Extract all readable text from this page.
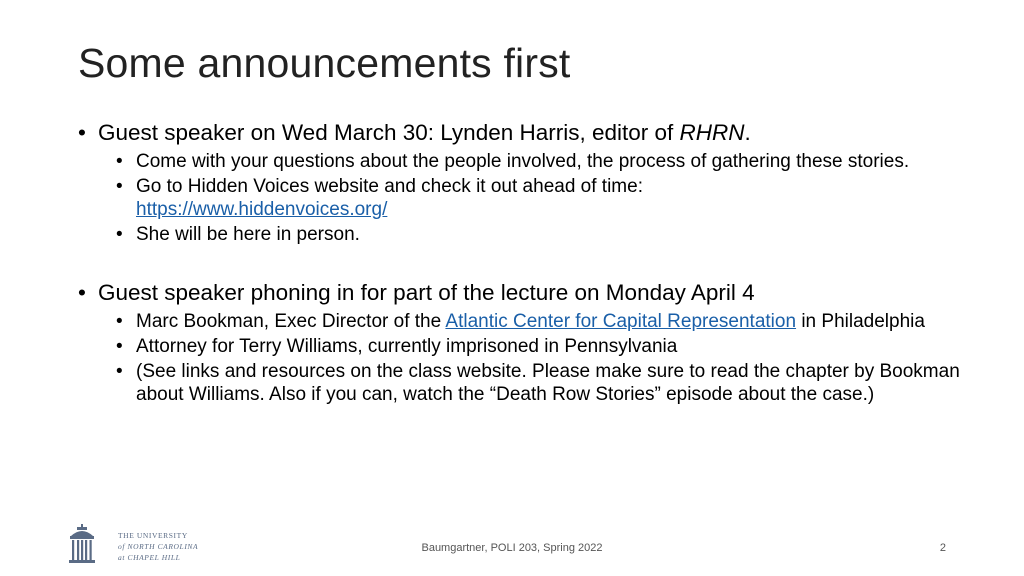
Some announcements first

• Guest speaker on Wed March 30: Lynden Harris, editor of RHRN.

• Come with your questions about the people involved, the process of gathering these stories.

• Go to Hidden Voices website and check it out ahead of time:
https://www.hiddenvoices.org/

• She will be here in person.

• Guest speaker phoning in for part of the lecture on Monday April 4

• Marc Bookman, Exec Director of the Atlantic Center for Capital Representation in Philadelphia

• Attorney for Terry Williams, currently imprisoned in Pennsylvania

• (See links and resources on the class website. Please make sure to read the chapter by Bookman about Williams. Also if you can, watch the “Death Row Stories” episode about the case.)

THE UNIVERSITY
of NORTH CAROLINA
at CHAPEL HILL
Baumgartner, POLI 203, Spring 2022	2
